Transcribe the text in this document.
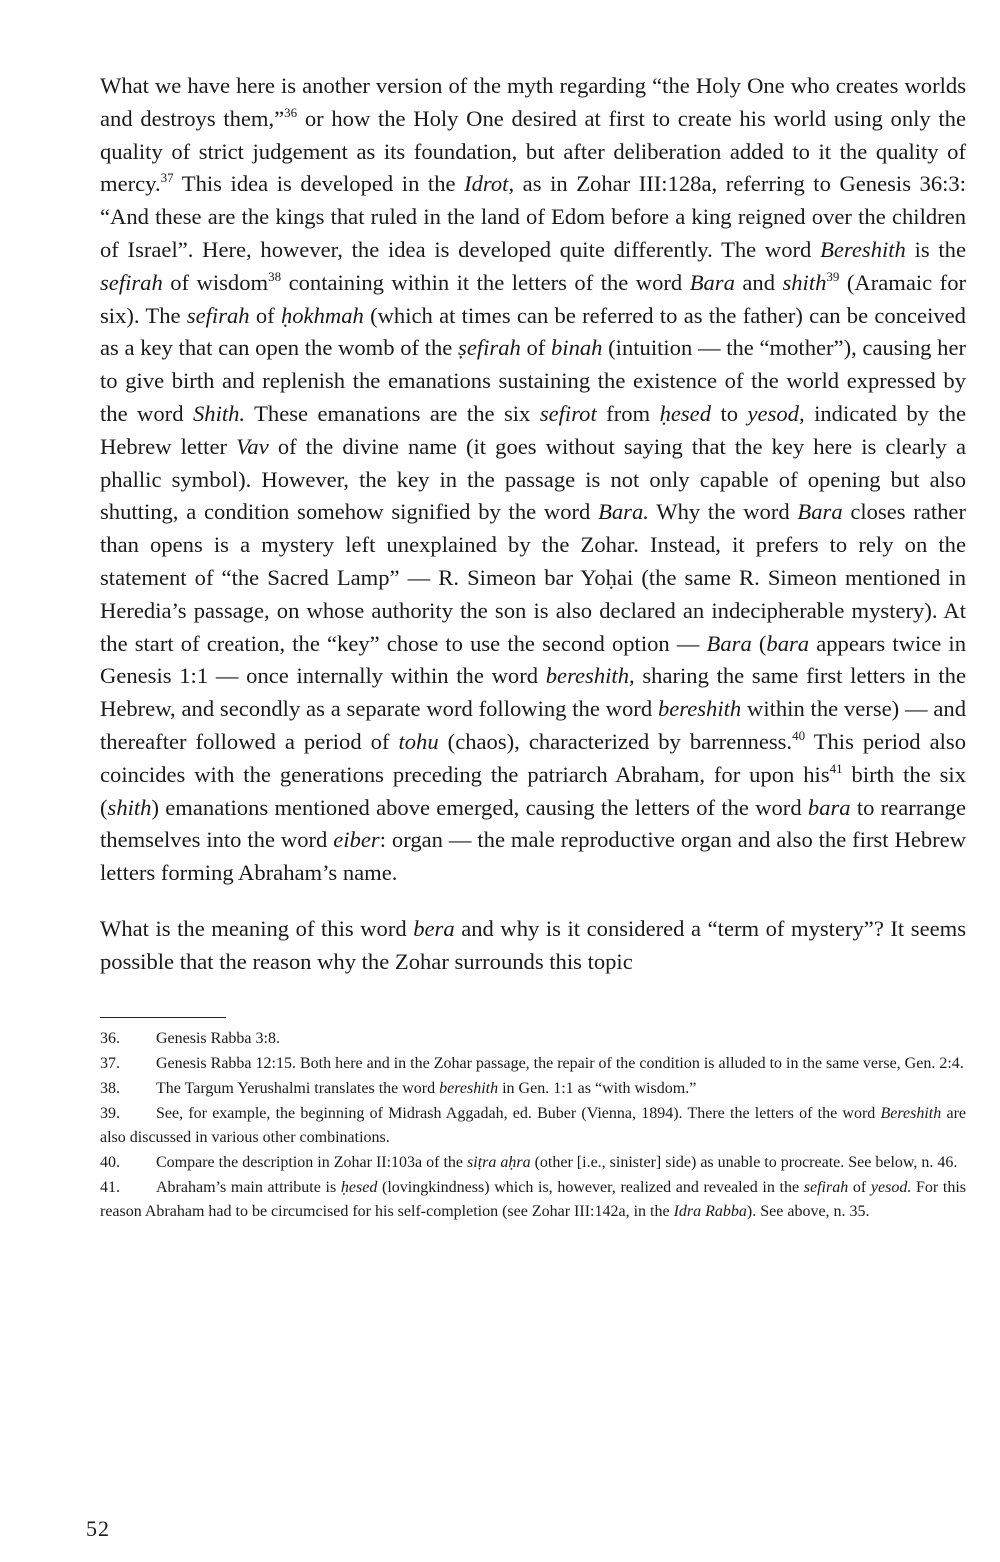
What we have here is another version of the myth regarding “the Holy One who creates worlds and destroys them,”$^{36}$ or how the Holy One desired at first to create his world using only the quality of strict judgement as its foundation, but after deliberation added to it the quality of mercy.$^{37}$ This idea is developed in the Idrot, as in Zohar III:128a, referring to Genesis 36:3: “And these are the kings that ruled in the land of Edom before a king reigned over the children of Israel”. Here, however, the idea is developed quite differently. The word Bereshith is the sefirah of wisdom$^{38}$ containing within it the letters of the word Bara and shith$^{39}$ (Aramaic for six). The sefirah of ḥokhmah (which at times can be referred to as the father) can be conceived as a key that can open the womb of the ṣefirah of binah (intuition — the “mother”), causing her to give birth and replenish the emanations sustaining the existence of the world expressed by the word Shith. These emanations are the six sefirot from ḥesed to yesod, indicated by the Hebrew letter Vav of the divine name (it goes without saying that the key here is clearly a phallic symbol). However, the key in the passage is not only capable of opening but also shutting, a condition somehow signified by the word Bara. Why the word Bara closes rather than opens is a mystery left unexplained by the Zohar. Instead, it prefers to rely on the statement of “the Sacred Lamp” — R. Simeon bar Yoḥai (the same R. Simeon mentioned in Heredia’s passage, on whose authority the son is also declared an indecipherable mystery). At the start of creation, the “key” chose to use the second option — Bara (bara appears twice in Genesis 1:1 — once internally within the word bereshith, sharing the same first letters in the Hebrew, and secondly as a separate word following the word bereshith within the verse) — and thereafter followed a period of tohu (chaos), characterized by barrenness.$^{40}$ This period also coincides with the generations preceding the patriarch Abraham, for upon his$^{41}$ birth the six (shith) emanations mentioned above emerged, causing the letters of the word bara to rearrange themselves into the word eiber: organ — the male reproductive organ and also the first Hebrew letters forming Abraham’s name.

What is the meaning of this word bera and why is it considered a “term of mystery”? It seems possible that the reason why the Zohar surrounds this topic

36. Genesis Rabba 3:8.

37. Genesis Rabba 12:15. Both here and in the Zohar passage, the repair of the condition is alluded to in the same verse, Gen. 2:4.

38. The Targum Yerushalmi translates the word bereshith in Gen. 1:1 as “with wisdom.”

39. See, for example, the beginning of Midrash Aggadah, ed. Buber (Vienna, 1894). There the letters of the word Bereshith are also discussed in various other combinations.

40. Compare the description in Zohar II:103a of the siṭra aḥra (other [i.e., sinister] side) as unable to procreate. See below, n. 46.

41. Abraham’s main attribute is ḥesed (lovingkindness) which is, however, realized and revealed in the sefirah of yesod. For this reason Abraham had to be circumcised for his self-completion (see Zohar III:142a, in the Idra Rabba). See above, n. 35.

52
